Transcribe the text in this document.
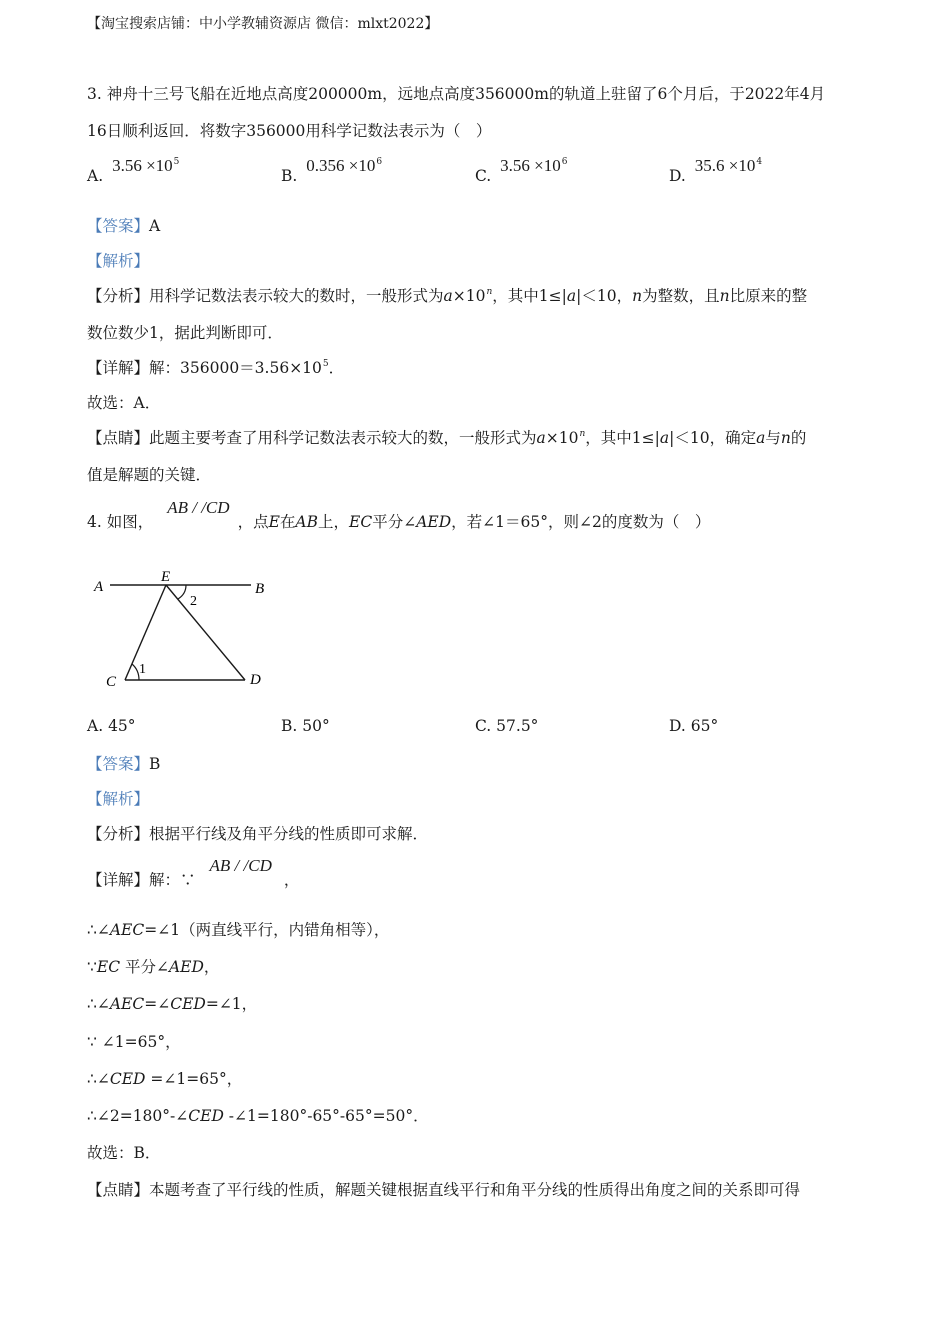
【淘宝搜索店铺：中小学教辅资源店 微信：mlxt2022】
3. 神舟十三号飞船在近地点高度200000m，远地点高度356000m的轨道上驻留了6个月后，于2022年4月
16日顺利返回．将数字356000用科学记数法表示为（　）
A. $3.56 \times 10^5$
B. $0.356 \times 10^6$
C. $3.56 \times 10^6$
D. $35.6 \times 10^4$
【答案】A
【解析】
【分析】用科学记数法表示较大的数时，一般形式为$a\times 10^n$，其中1≤|a|＜10，n为整数，且n比原来的整
数位数少1，据此判断即可．
【详解】解：$356000=3.56\times 10^5$．
故选：A．
【点睛】此题主要考查了用科学记数法表示较大的数，一般形式为$a\times 10^n$，其中1≤|a|＜10，确定a与n的
值是解题的关键．
4. 如图，AB / /CD，点E在AB上，EC平分∠AED，若∠1＝65°，则∠2的度数为（　）
A
E
B
C	D
2
1
A. 45°	B. 50°	C. 57.5°	D. 65°
【答案】B
【解析】
【分析】根据平行线及角平分线的性质即可求解．
【详解】解：∵AB / /CD，
∴∠AEC=∠1（两直线平行，内错角相等），
∵EC 平分∠AED，
∴∠AEC=∠CED=∠1，
∵ ∠1=65°，
∴∠CED =∠1=65°，
∴∠2=180°-∠CED -∠1=180°-65°-65°=50°．
故选：B．
【点睛】本题考查了平行线的性质，解题关键根据直线平行和角平分线的性质得出角度之间的关系即可得
